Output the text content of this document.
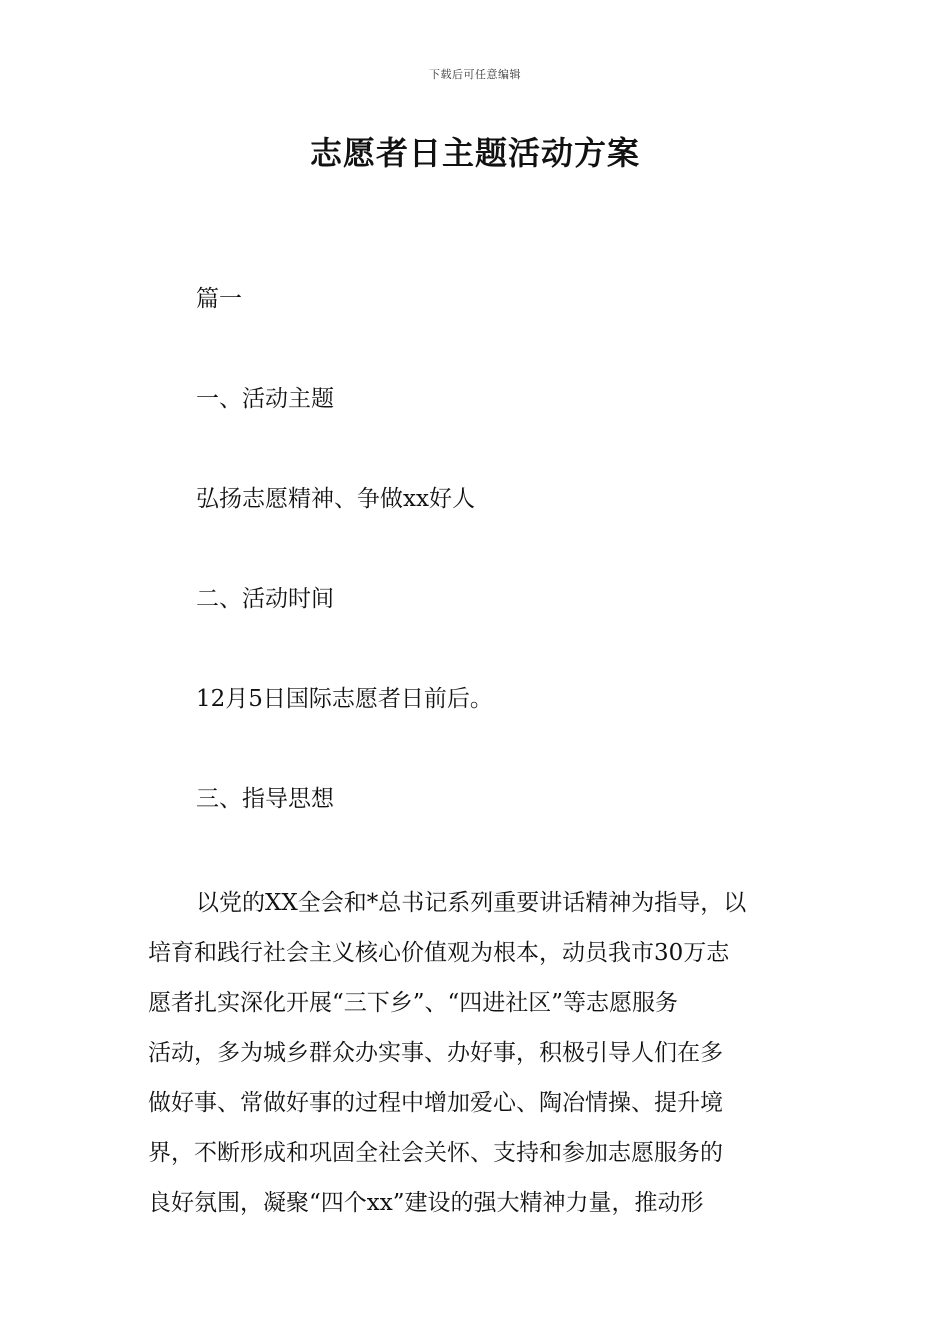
下载后可任意编辑
志愿者日主题活动方案
篇一
一、活动主题
弘扬志愿精神、争做xx好人
二、活动时间
12月5日国际志愿者日前后。
三、指导思想
以党的XX全会和*总书记系列重要讲话精神为指导，以
培育和践行社会主义核心价值观为根本，动员我市30万志
愿者扎实深化开展“三下乡”、“四进社区”等志愿服务
活动，多为城乡群众办实事、办好事，积极引导人们在多
做好事、常做好事的过程中增加爱心、陶冶情操、提升境
界，不断形成和巩固全社会关怀、支持和参加志愿服务的
良好氛围，凝聚“四个xx”建设的强大精神力量，推动形
